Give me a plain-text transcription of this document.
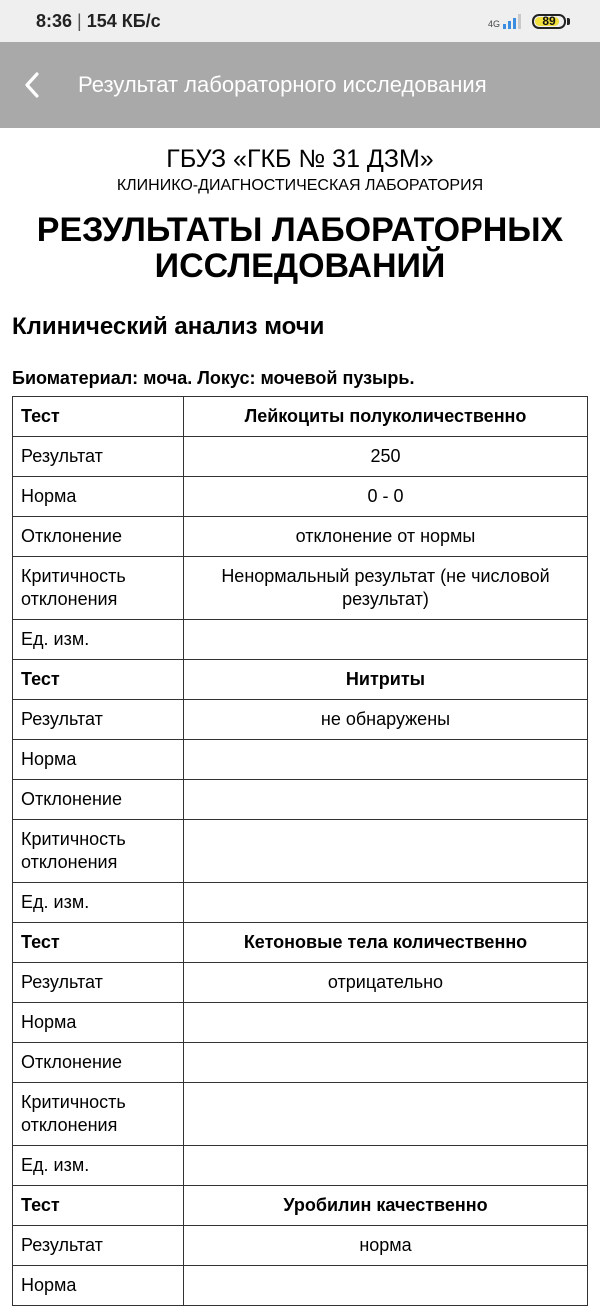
8:36 | 154 КБ/с	4G	89
Результат лабораторного исследования
ГБУЗ «ГКБ № 31 ДЗМ»
КЛИНИКО-ДИАГНОСТИЧЕСКАЯ ЛАБОРАТОРИЯ
РЕЗУЛЬТАТЫ ЛАБОРАТОРНЫХ ИССЛЕДОВАНИЙ
Клинический анализ мочи
Биоматериал: моча. Локус: мочевой пузырь.
Тест	Лейкоциты полуколичественно
Результат	250
Норма	0 - 0
Отклонение	отклонение от нормы
Критичность отклонения	Ненормальный результат (не числовой результат)
Ед. изм.	
Тест	Нитриты
Результат	не обнаружены
Норма	
Отклонение	
Критичность отклонения	
Ед. изм.	
Тест	Кетоновые тела количественно
Результат	отрицательно
Норма	
Отклонение	
Критичность отклонения	
Ед. изм.	
Тест	Уробилин качественно
Результат	норма
Норма	
